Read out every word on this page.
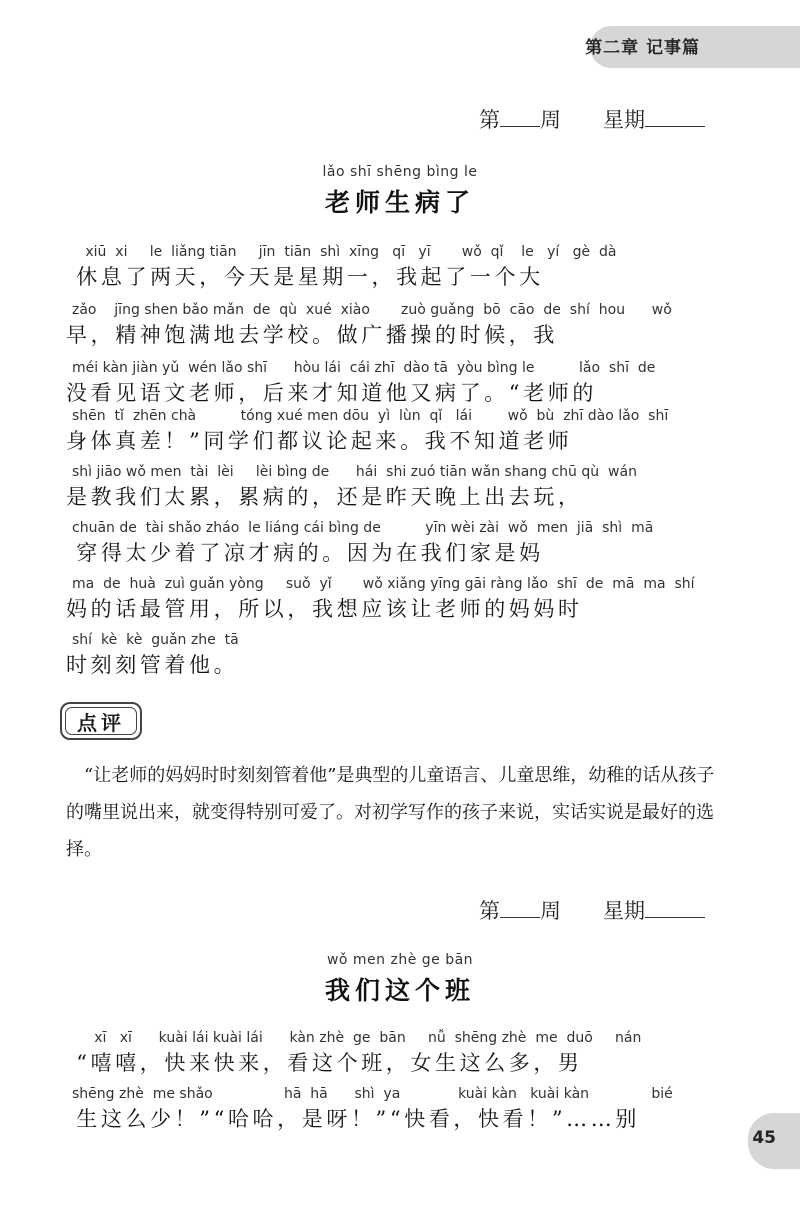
第二章 记事篇
第 周 星期
lǎo shī shēng bìng le
老师生病了
xiū  xi     le  liǎng tiān     jīn  tiān  shì  xīng   qī   yī       wǒ  qǐ    le   yí   gè  dà
休息了两天，今天是星期一，我起了一个大
zǎo    jīng shen bǎo mǎn  de  qù  xué  xiào       zuò guǎng  bō  cāo  de  shí  hou      wǒ
早，精神饱满地去学校。做广播操的时候，我
méi kàn jiàn yǔ  wén lǎo shī      hòu lái  cái zhī  dào tā  yòu bìng le          lǎo  shī  de
没看见语文老师，后来才知道他又病了。“老师的
shēn  tǐ  zhēn chà          tóng xué men dōu  yì  lùn  qǐ   lái        wǒ  bù  zhī dào lǎo  shī
身体真差！”同学们都议论起来。我不知道老师
shì jiāo wǒ men  tài  lèi     lèi bìng de      hái  shi zuó tiān wǎn shang chū qù  wán
是教我们太累，累病的，还是昨天晚上出去玩，
chuān de  tài shǎo zháo  le liáng cái bìng de          yīn wèi zài  wǒ  men  jiā  shì  mā
穿得太少着了凉才病的。因为在我们家是妈
ma  de  huà  zuì guǎn yòng     suǒ  yǐ       wǒ xiǎng yīng gāi ràng lǎo  shī  de  mā  ma  shí
妈的话最管用，所以，我想应该让老师的妈妈时
shí  kè  kè  guǎn zhe  tā
时刻刻管着他。
点评
“让老师的妈妈时时刻刻管着他”是典型的儿童语言、儿童思维，幼稚的话从孩子的嘴里说出来，就变得特别可爱了。对初学写作的孩子来说，实话实说是最好的选择。
第 周 星期
wǒ men zhè ge bān
我们这个班
xī   xī      kuài lái kuài lái      kàn zhè  ge  bān     nǚ  shēng zhè  me  duō     nán
“嘻嘻，快来快来，看这个班，女生这么多，男
shēng zhè  me shǎo                hā  hā      shì  ya             kuài kàn   kuài kàn              bié
生这么少！”“哈哈，是呀！”“快看，快看！”……别
45
